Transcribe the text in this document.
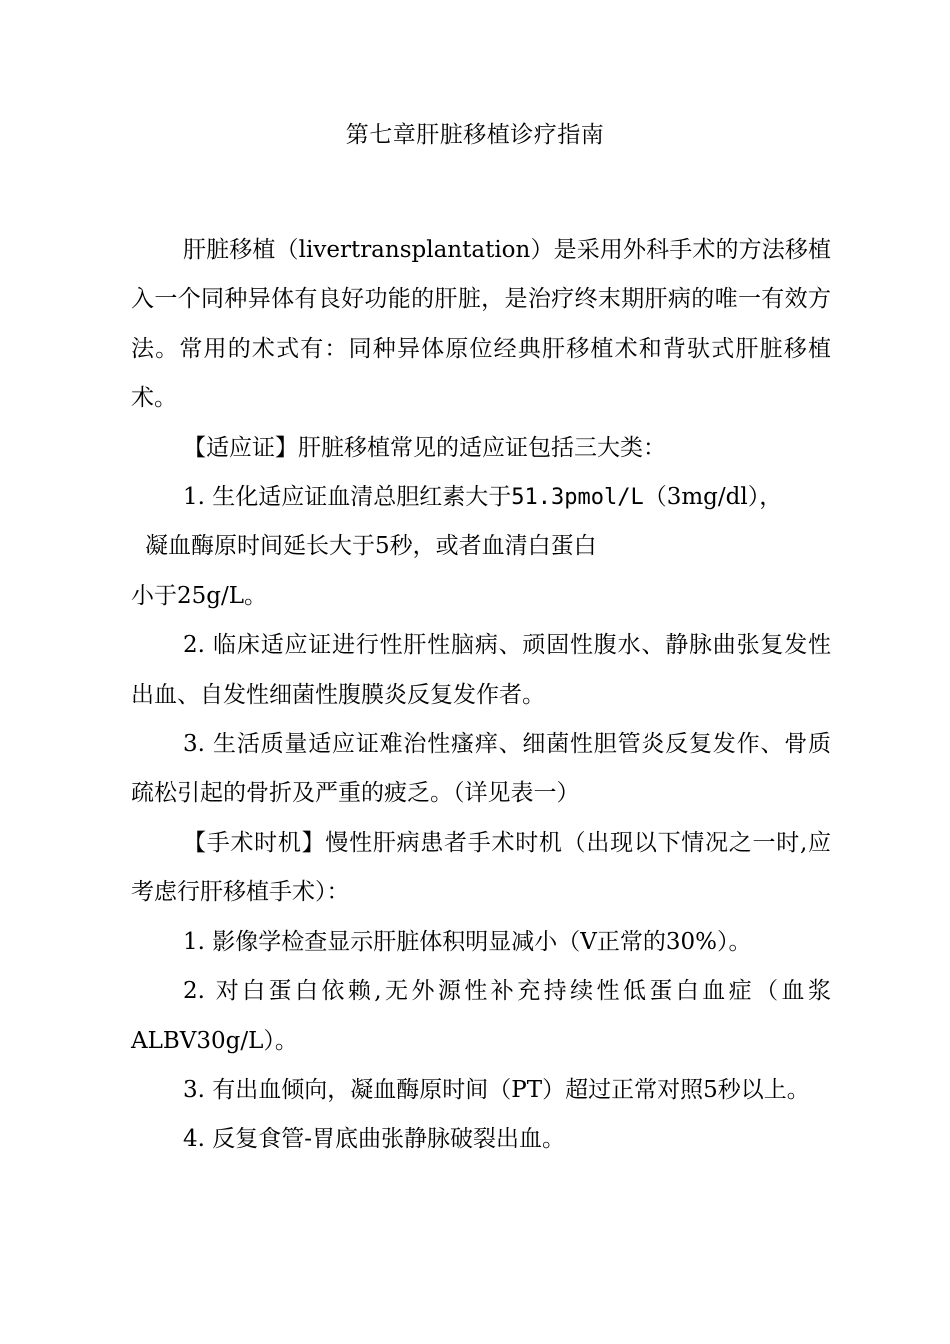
第七章肝脏移植诊疗指南

肝脏移植（livertransplantation）是采用外科手术的方法移植入一个同种异体有良好功能的肝脏，是治疗终末期肝病的唯一有效方法。常用的术式有：同种异体原位经典肝移植术和背驮式肝脏移植术。

【适应证】肝脏移植常见的适应证包括三大类：

1. 生化适应证血清总胆红素大于51.3pmol/L（3mg/dl），
凝血酶原时间延长大于5秒，或者血清白蛋白

小于25g/L。

2. 临床适应证进行性肝性脑病、顽固性腹水、静脉曲张复发性出血、自发性细菌性腹膜炎反复发作者。

3. 生活质量适应证难治性瘙痒、细菌性胆管炎反复发作、骨质疏松引起的骨折及严重的疲乏。（详见表一）

【手术时机】慢性肝病患者手术时机（出现以下情况之一时,应考虑行肝移植手术）：

1. 影像学检查显示肝脏体积明显减小（V正常的30%）。

2. 对白蛋白依赖,无外源性补充持续性低蛋白血症（血浆ALBV30g/L）。

3. 有出血倾向，凝血酶原时间（PT）超过正常对照5秒以上。

4. 反复食管-胃底曲张静脉破裂出血。
